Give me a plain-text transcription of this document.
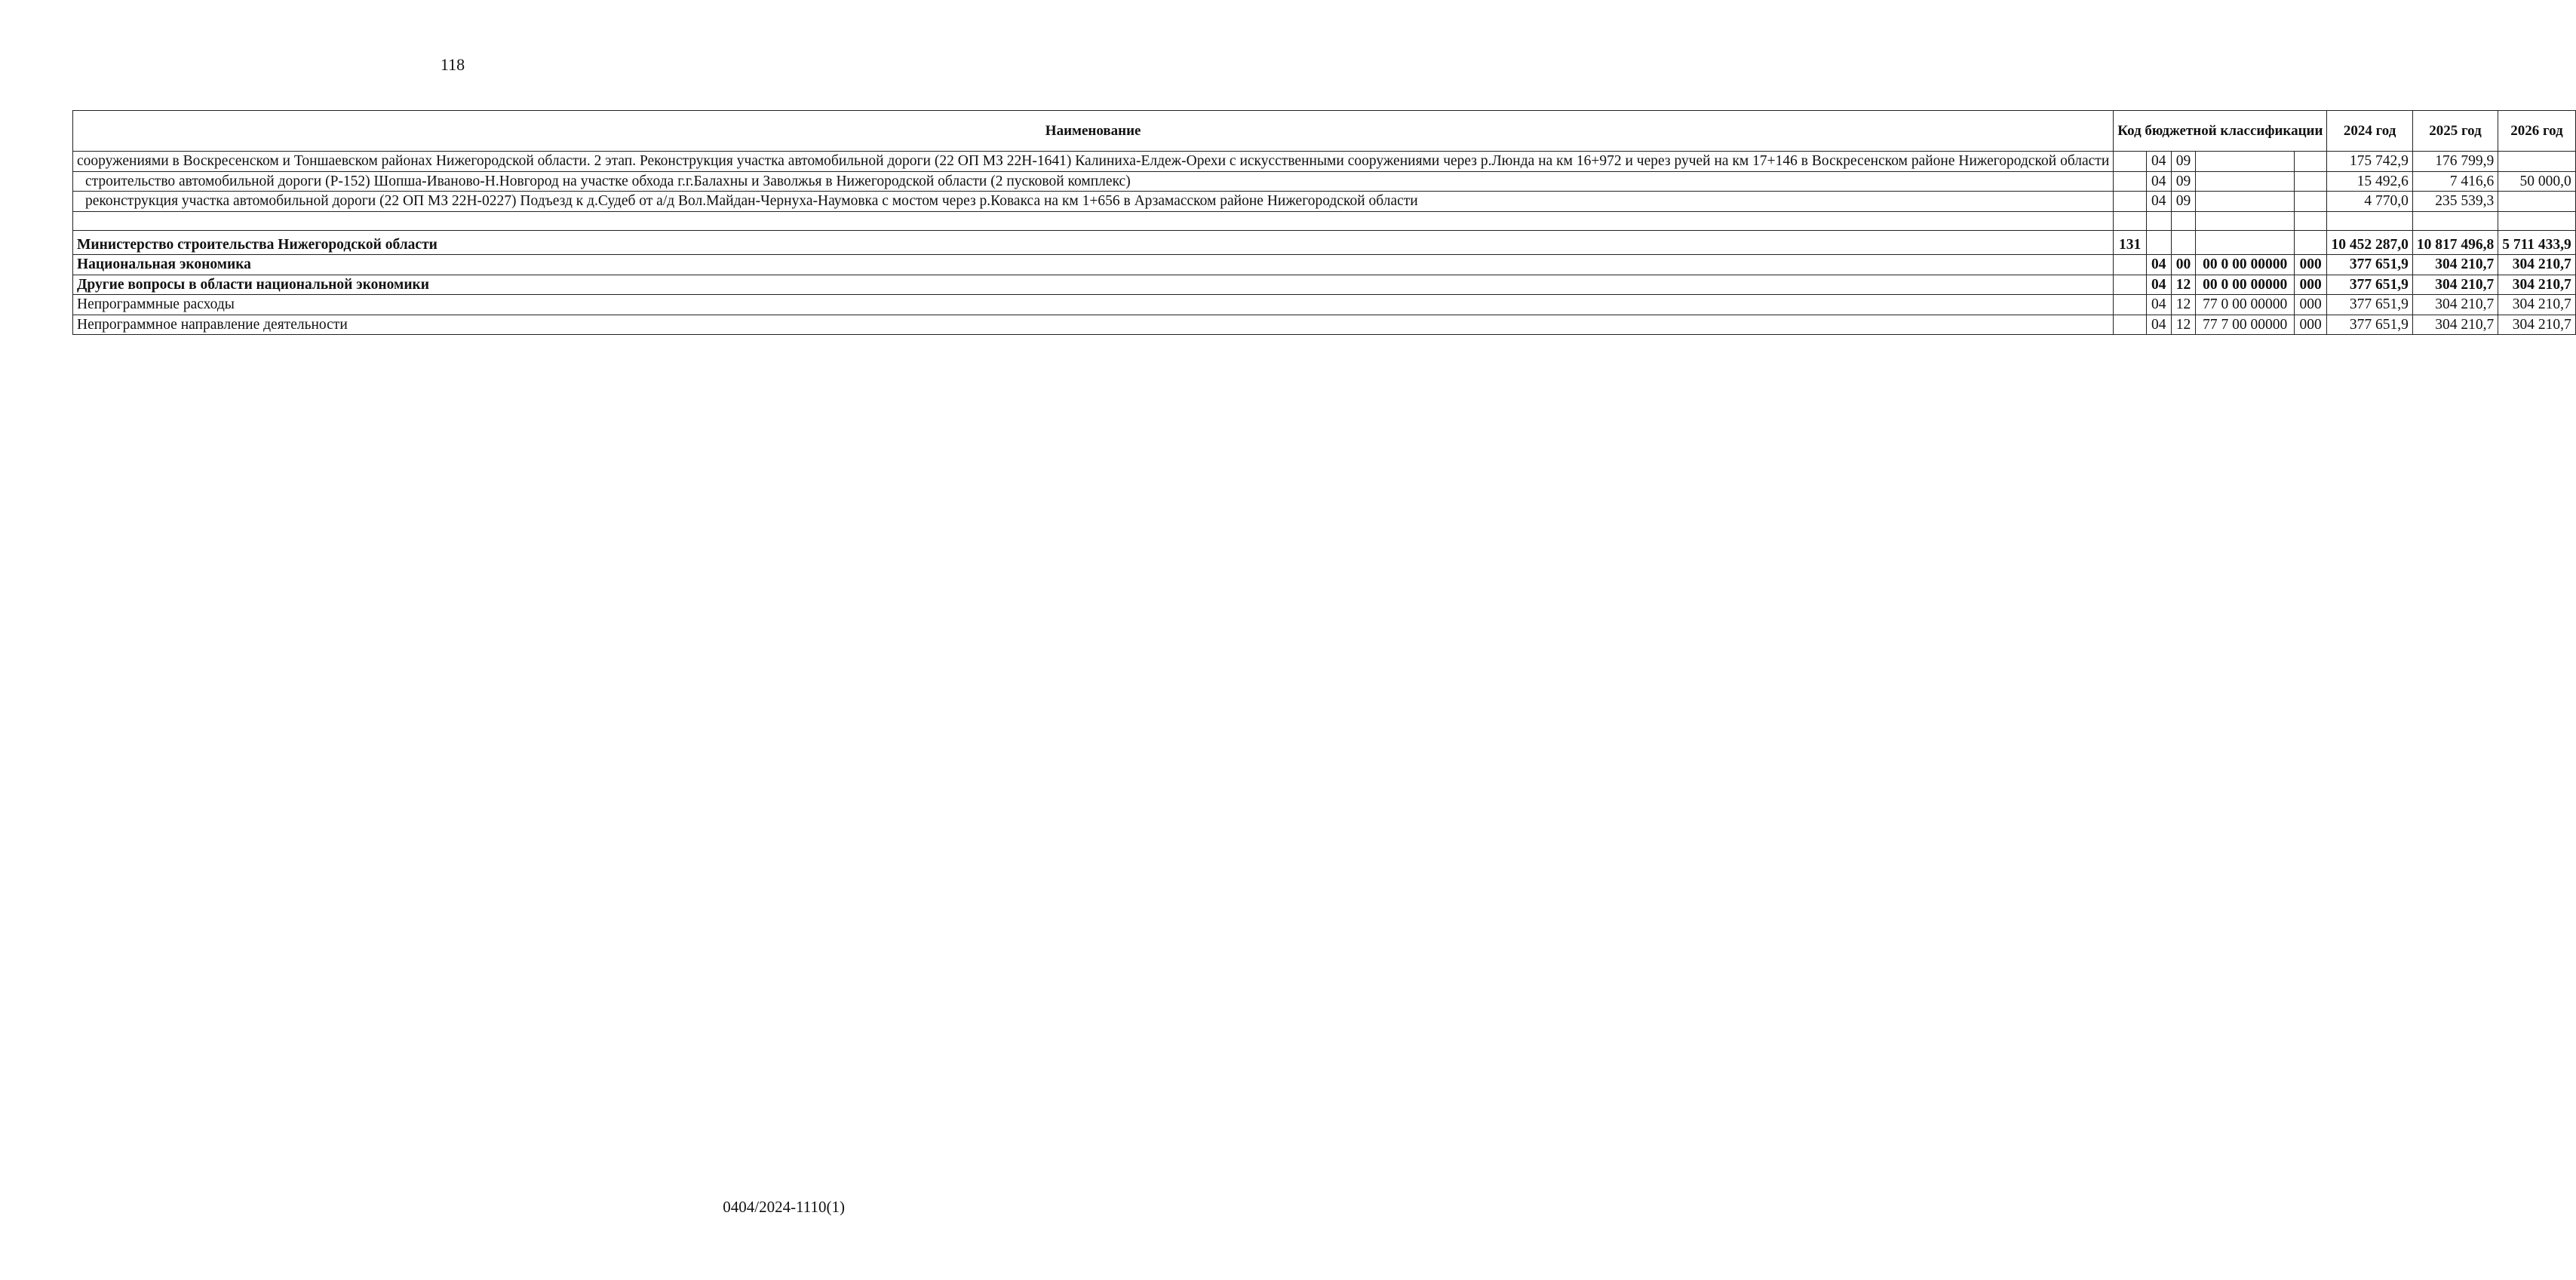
118
Наименование	Код бюджетной классификации					2024 год	2025 год	2026 год
сооружениями в Воскресенском и Тоншаевском районах Нижегородской области. 2 этап. Реконструкция участка автомобильной дороги (22 ОП МЗ 22Н-1641) Калиниха-Елдеж-Орехи с искусственными сооружениями через р.Люнда на км 16+972 и через ручей на км 17+146 в Воскресенском районе Нижегородской области		04	09			175 742,9	176 799,9	
строительство автомобильной дороги (Р-152) Шопша-Иваново-Н.Новгород на участке обхода г.г.Балахны и Заволжья в Нижегородской области (2 пусковой комплекс)		04	09			15 492,6	7 416,6	50 000,0
реконструкция участка автомобильной дороги (22 ОП МЗ 22Н-0227) Подъезд к д.Судеб от а/д Вол.Майдан-Чернуха-Наумовка с мостом через р.Ковакса на км 1+656 в Арзамасском районе Нижегородской области		04	09			4 770,0	235 539,3	

Министерство строительства Нижегородской области	131					10 452 287,0	10 817 496,8	5 711 433,9
Национальная экономика		04	00	00 0 00 00000	000	377 651,9	304 210,7	304 210,7
Другие вопросы в области национальной экономики		04	12	00 0 00 00000	000	377 651,9	304 210,7	304 210,7
Непрограммные расходы		04	12	77 0 00 00000	000	377 651,9	304 210,7	304 210,7
Непрограммное направление деятельности		04	12	77 7 00 00000	000	377 651,9	304 210,7	304 210,7
0404/2024-1110(1)
